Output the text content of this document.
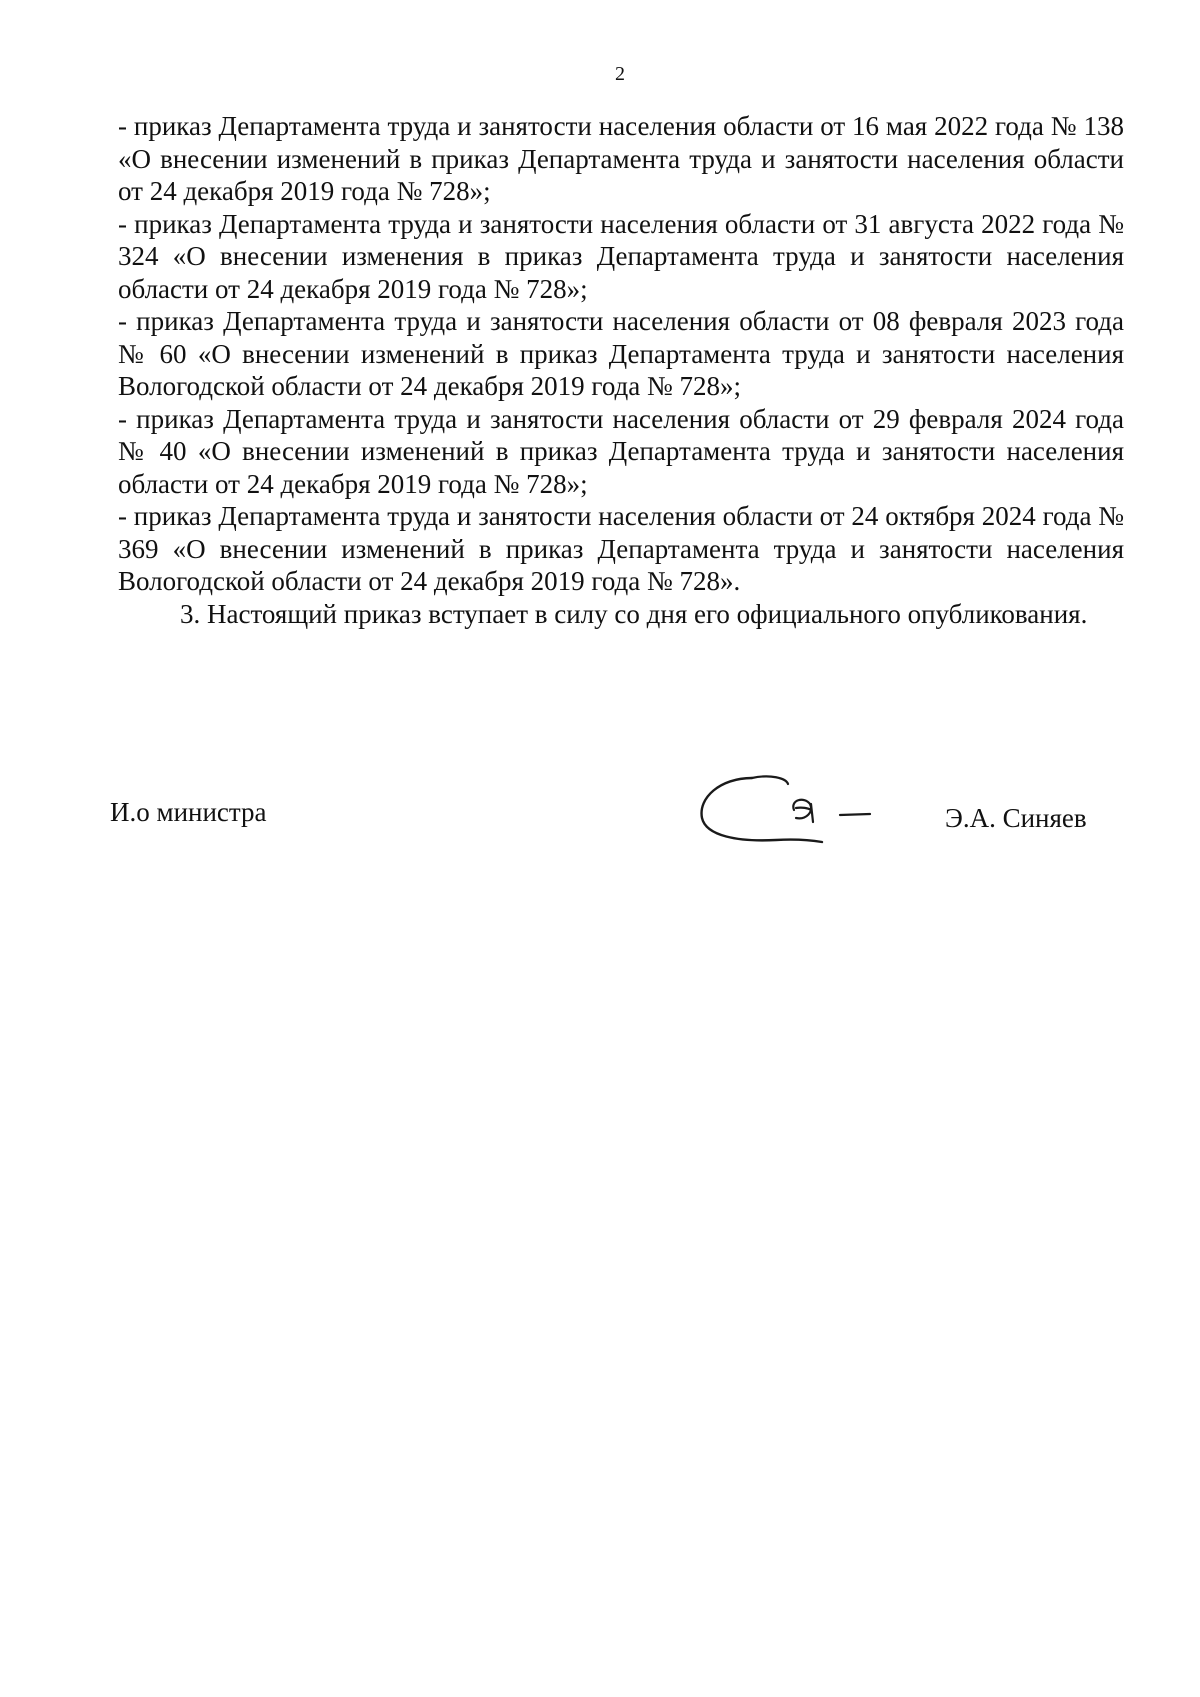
2

- приказ Департамента труда и занятости населения области от 16 мая 2022 года № 138 «О внесении изменений в приказ Департамента труда и занятости населения области от 24 декабря 2019 года № 728»;

- приказ Департамента труда и занятости населения области от 31 августа 2022 года № 324 «О внесении изменения в приказ Департамента труда и занятости населения области от 24 декабря 2019 года № 728»;

- приказ Департамента труда и занятости населения области от 08 февраля 2023 года № 60 «О внесении изменений в приказ Департамента труда и занятости населения Вологодской области от 24 декабря 2019 года № 728»;

- приказ Департамента труда и занятости населения области от 29 февраля 2024 года № 40 «О внесении изменений в приказ Департамента труда и занятости населения области от 24 декабря 2019 года № 728»;

- приказ Департамента труда и занятости населения области от 24 октября 2024 года № 369 «О внесении изменений в приказ Департамента труда и занятости населения Вологодской области от 24 декабря 2019 года № 728».

3. Настоящий приказ вступает в силу со дня его официального опубликования.

И.о министра	Э.А. Синяев
